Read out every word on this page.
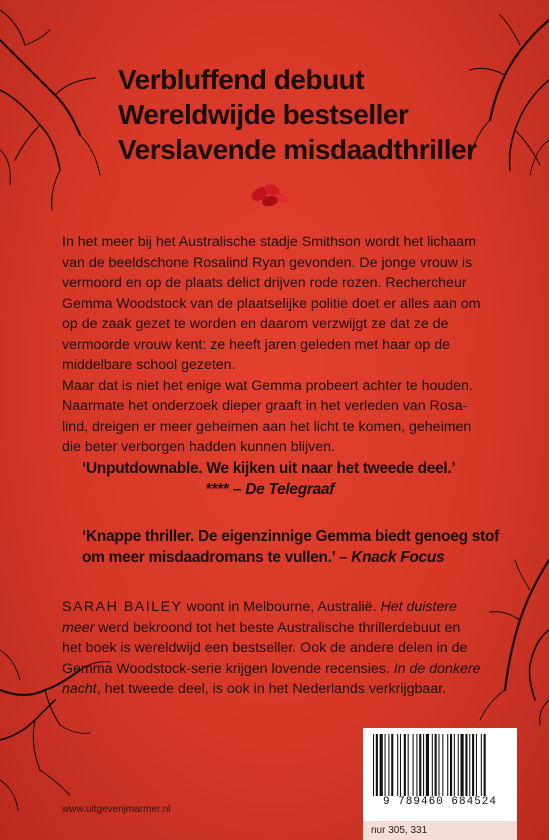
Verbluffend debuut
Wereldwijde bestseller
Verslavende misdaadthriller
In het meer bij het Australische stadje Smithson wordt het lichaam
van de beeldschone Rosalind Ryan gevonden. De jonge vrouw is
vermoord en op de plaats delict drijven rode rozen. Rechercheur
Gemma Woodstock van de plaatselijke politie doet er alles aan om
op de zaak gezet te worden en daarom verzwijgt ze dat ze de
vermoorde vrouw kent: ze heeft jaren geleden met haar op de
middelbare school gezeten.
Maar dat is niet het enige wat Gemma probeert achter te houden.
Naarmate het onderzoek dieper graaft in het verleden van Rosa-
lind, dreigen er meer geheimen aan het licht te komen, geheimen
die beter verborgen hadden kunnen blijven.
‘Unputdownable. We kijken uit naar het tweede deel.’
**** – De Telegraaf
‘Knappe thriller. De eigenzinnige Gemma biedt genoeg stof
om meer misdaadromans te vullen.’ – Knack Focus
SARAH BAILEY woont in Melbourne, Australië. Het duistere
meer werd bekroond tot het beste Australische thrillerdebuut en
het boek is wereldwijd een bestseller. Ook de andere delen in de
Gemma Woodstock-serie krijgen lovende recensies. In de donkere
nacht, het tweede deel, is ook in het Nederlands verkrijgbaar.
9 789460 684524
nur 305, 331
www.uitgeverijmarmer.nl
